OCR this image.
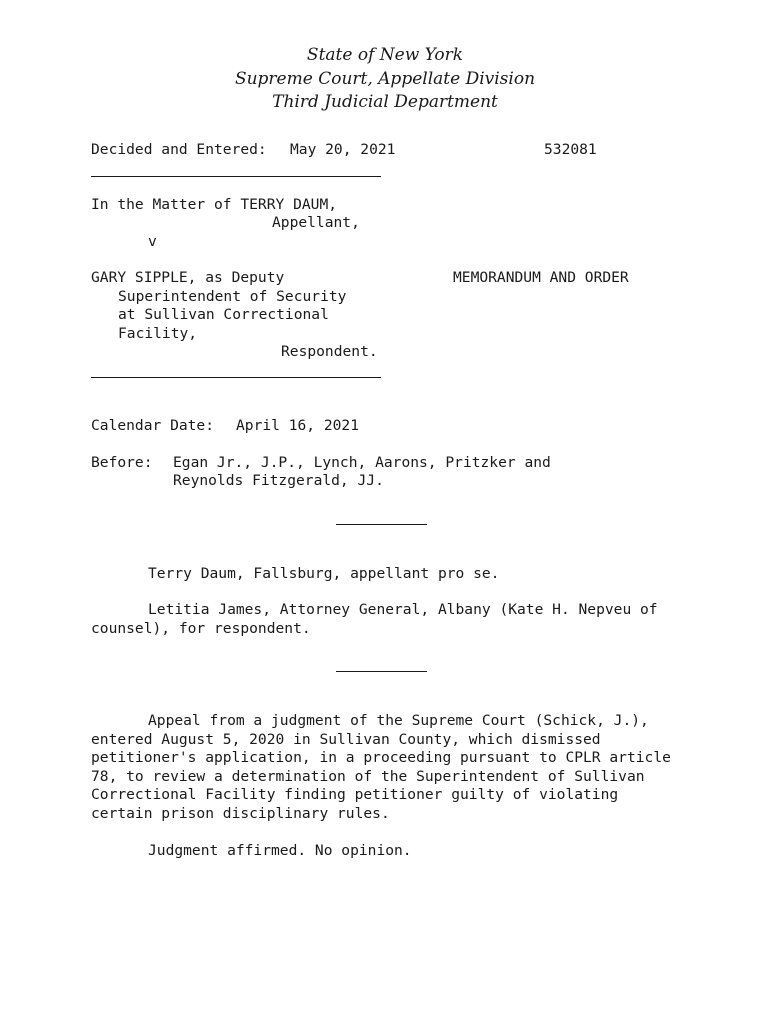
State of New York
Supreme Court, Appellate Division
Third Judicial Department
Decided and Entered: May 20, 2021	532081
In the Matter of TERRY DAUM,
Appellant,
v
GARY SIPPLE, as Deputy
Superintendent of Security
at Sullivan Correctional
Facility,
Respondent.
MEMORANDUM AND ORDER
Calendar Date: April 16, 2021
Before: Egan Jr., J.P., Lynch, Aarons, Pritzker and
Reynolds Fitzgerald, JJ.
Terry Daum, Fallsburg, appellant pro se.
Letitia James, Attorney General, Albany (Kate H. Nepveu of counsel), for respondent.
Appeal from a judgment of the Supreme Court (Schick, J.), entered August 5, 2020 in Sullivan County, which dismissed petitioner's application, in a proceeding pursuant to CPLR article 78, to review a determination of the Superintendent of Sullivan Correctional Facility finding petitioner guilty of violating certain prison disciplinary rules.
Judgment affirmed. No opinion.
